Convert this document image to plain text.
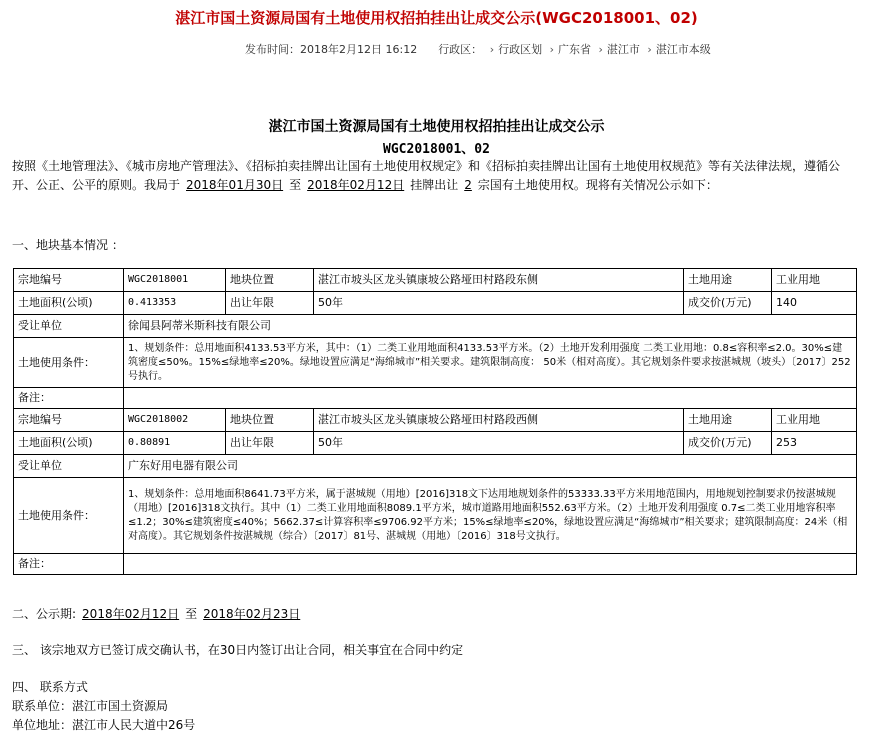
湛江市国土资源局国有土地使用权招拍挂出让成交公示(WGC2018001、02)
发布时间：2018年2月12日 16:12 行政区： › 行政区划 › 广东省 › 湛江市 › 湛江市本级
湛江市国土资源局国有土地使用权招拍挂出让成交公示
WGC2018001、02
按照《土地管理法》、《城市房地产管理法》、《招标拍卖挂牌出让国有土地使用权规定》和《招标拍卖挂牌出让国有土地使用权规范》等有关法律法规，遵循公开、公正、公平的原则。我局于 2018年01月30日 至 2018年02月12日 挂牌出让 2 宗国有土地使用权。现将有关情况公示如下：
一、地块基本情况 ：
宗地编号	WGC2018001	地块位置	湛江市坡头区龙头镇康坡公路垭田村路段东侧	土地用途	工业用地
土地面积(公顷)	0.413353	出让年限	50年	成交价(万元)	140
受让单位	徐闻县阿蒂米斯科技有限公司				
土地使用条件：	1、规划条件：总用地面积4133.53平方米，其中：（1）二类工业用地面积4133.53平方米。（2）土地开发利用强度 二类工业用地：0.8≤容积率≤2.0。30%≤建筑密度≤50%。15%≤绿地率≤20%。绿地设置应满足“海绵城市”相关要求。建筑限制高度： 50米（相对高度）。其它规划条件要求按湛城规（坡头）〔2017〕252号执行。				
备注：					
宗地编号	WGC2018002	地块位置	湛江市坡头区龙头镇康坡公路垭田村路段西侧	土地用途	工业用地
土地面积(公顷)	0.80891	出让年限	50年	成交价(万元)	253
受让单位	广东好用电器有限公司				
土地使用条件：	1、规划条件：总用地面积8641.73平方米，属于湛城规（用地）[2016]318文下达用地规划条件的53333.33平方米用地范围内，用地规划控制要求仍按湛城规（用地）[2016]318文执行。其中（1）二类工业用地面积8089.1平方米，城市道路用地面积552.63平方米。（2）土地开发利用强度 0.7≤二类工业用地容积率≤1.2；30%≤建筑密度≤40%；5662.37≤计算容积率≤9706.92平方米；15%≤绿地率≤20%，绿地设置应满足“海绵城市”相关要求；建筑限制高度：24米（相对高度）。其它规划条件按湛城规（综合）〔2017〕81号、湛城规（用地）〔2016〕318号文执行。				
备注：					
二、公示期: 2018年02月12日 至 2018年02月23日
三、 该宗地双方已签订成交确认书，在30日内签订出让合同，相关事宜在合同中约定
四、 联系方式
联系单位：湛江市国土资源局
单位地址：湛江市人民大道中26号
